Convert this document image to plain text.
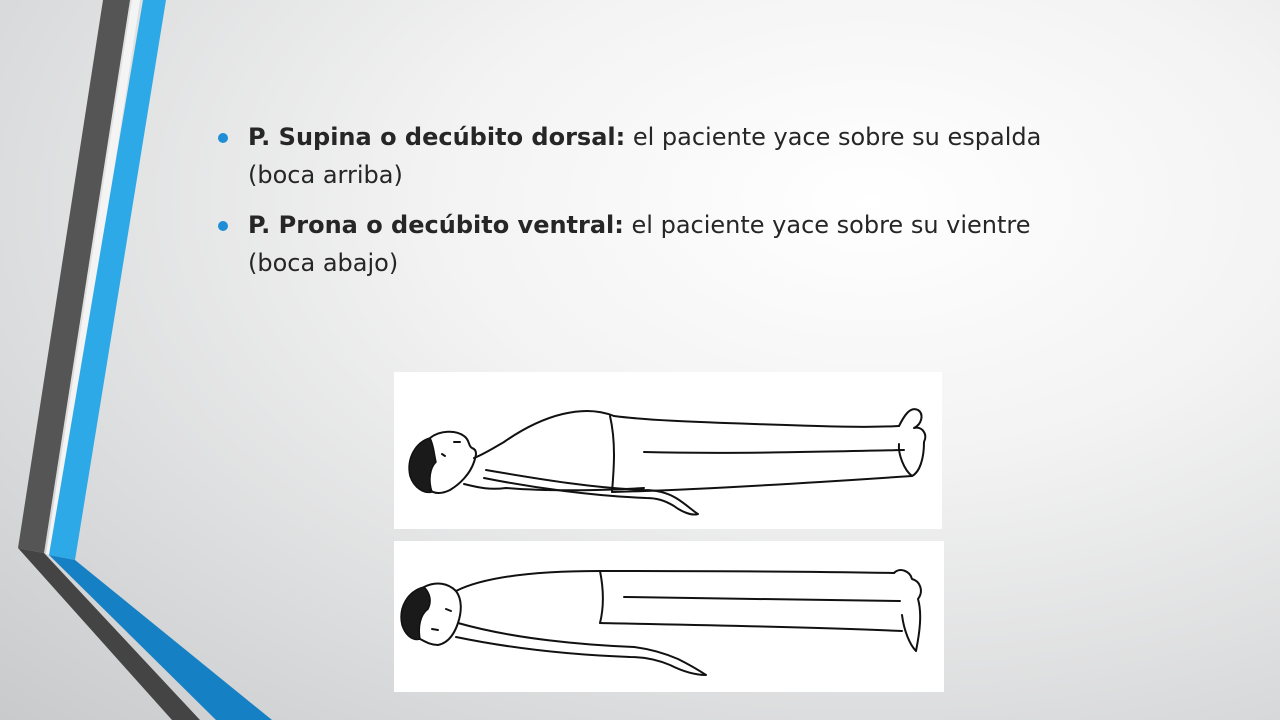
P. Supina o decúbito dorsal: el paciente yace sobre su espalda (boca arriba)
P. Prona o decúbito ventral: el paciente yace sobre su vientre (boca abajo)
